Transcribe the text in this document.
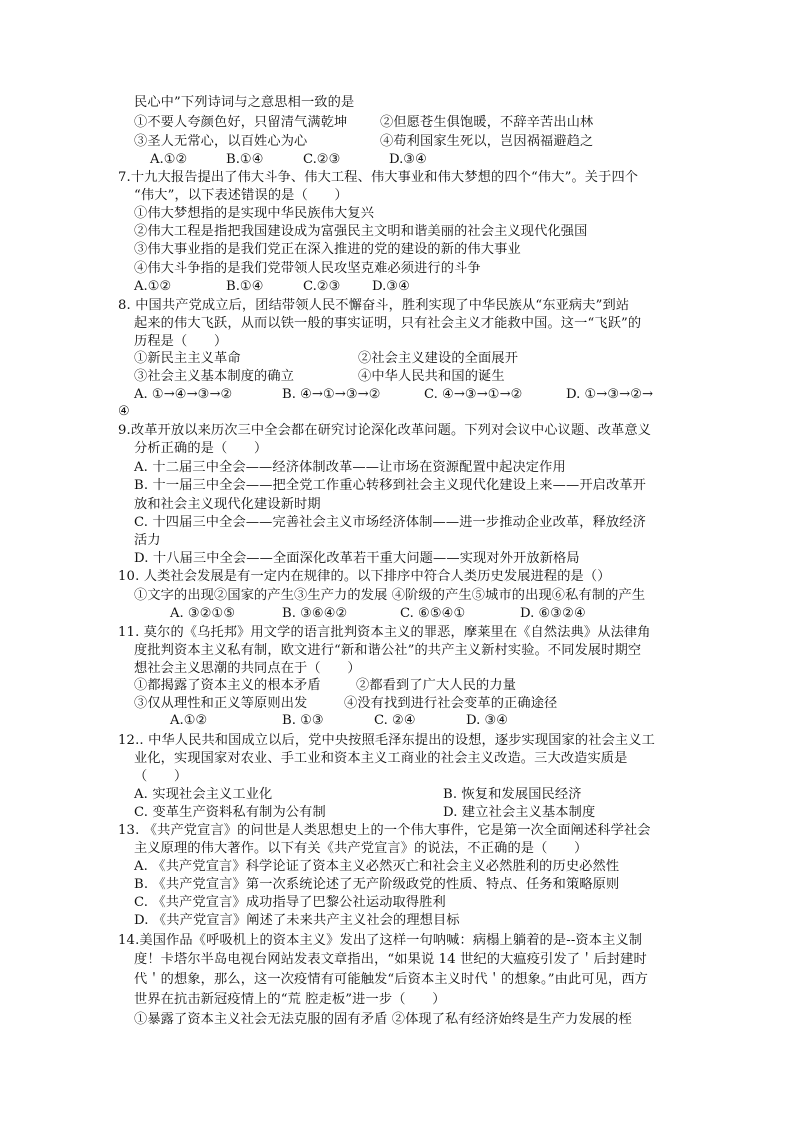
民心中”下列诗词与之意思相一致的是
①不要人夸颜色好，只留清气满乾坤 ②但愿苍生俱饱暖，不辞辛苦出山林
③圣人无常心，以百姓心为心	④苟利国家生死以，岂因祸福避趋之
A.①②	B.①④	C.②③	D.③④
7.十九大报告提出了伟大斗争、伟大工程、伟大事业和伟大梦想的四个“伟大”。关于四个
“伟大”，以下表述错误的是（　　）
①伟大梦想指的是实现中华民族伟大复兴
②伟大工程是指把我国建设成为富强民主文明和谐美丽的社会主义现代化强国
③伟大事业指的是我们党正在深入推进的党的建设的新的伟大事业
④伟大斗争指的是我们党带领人民攻坚克难必须进行的斗争
A.①②	B.①④	C.②③ D.③④
8. 中国共产党成立后，团结带领人民不懈奋斗，胜利实现了中华民族从“东亚病夫”到站
起来的伟大飞跃，从而以铁一般的事实证明，只有社会主义才能救中国。这一“飞跃”的
历程是（　　）
①新民主主义革命	②社会主义建设的全面展开
③社会主义基本制度的确立	④中华人民共和国的诞生
A. ①→④→③→②	B. ④→①→③→②	C. ④→③→①→②	D. ①→③→②→
④
9.改革开放以来历次三中全会都在研究讨论深化改革问题。下列对会议中心议题、改革意义
分析正确的是（　　）
A. 十二届三中全会——经济体制改革——让市场在资源配置中起决定作用
B. 十一届三中全会——把全党工作重心转移到社会主义现代化建设上来——开启改革开
放和社会主义现代化建设新时期
C. 十四届三中全会——完善社会主义市场经济体制——进一步推动企业改革，释放经济
活力
D. 十八届三中全会——全面深化改革若干重大问题——实现对外开放新格局
10. 人类社会发展是有一定内在规律的。以下排序中符合人类历史发展进程的是（）
①文字的出现②国家的产生③生产力的发展 ④阶级的产生⑤城市的出现⑥私有制的产生
A. ③②①⑤	B. ③⑥④②	C. ⑥⑤④①	D. ⑥③②④
11. 莫尔的《乌托邦》用文学的语言批判资本主义的罪恶，摩莱里在《自然法典》从法律角
度批判资本主义私有制，欧文进行“新和谐公社”的共产主义新村实验。不同发展时期空
想社会主义思潮的共同点在于（　　）
①都揭露了资本主义的根本矛盾	②都看到了广大人民的力量
③仅从理性和正义等原则出发	④没有找到进行社会变革的正确途径
A.①②	B. ①③	C. ②④	D. ③④
12.. 中华人民共和国成立以后，党中央按照毛泽东提出的设想，逐步实现国家的社会主义工
业化，实现国家对农业、手工业和资本主义工商业的社会主义改造。三大改造实质是
（　　）
A. 实现社会主义工业化	B. 恢复和发展国民经济
C. 变革生产资料私有制为公有制	D. 建立社会主义基本制度
13. 《共产党宣言》的问世是人类思想史上的一个伟大事件，它是第一次全面阐述科学社会
主义原理的伟大著作。以下有关《共产党宣言》的说法，不正确的是（　　）
A. 《共产党宣言》科学论证了资本主义必然灭亡和社会主义必然胜利的历史必然性
B. 《共产党宣言》第一次系统论述了无产阶级政党的性质、特点、任务和策略原则
C. 《共产党宣言》成功指导了巴黎公社运动取得胜利
D. 《共产党宣言》阐述了未来共产主义社会的理想目标
14.美国作品《呼吸机上的资本主义》发出了这样一句呐喊：病榻上躺着的是--资本主义制
度！卡塔尔半岛电视台网站发表文章指出，“如果说 14 世纪的大瘟疫引发了＇后封建时
代＇的想象，那么，这一次疫情有可能触发“后资本主义时代＇的想象。”由此可见，西方
世界在抗击新冠疫情上的“荒 腔走板”进一步（　　）
①暴露了资本主义社会无法克服的固有矛盾 ②体现了私有经济始终是生产力发展的桎
